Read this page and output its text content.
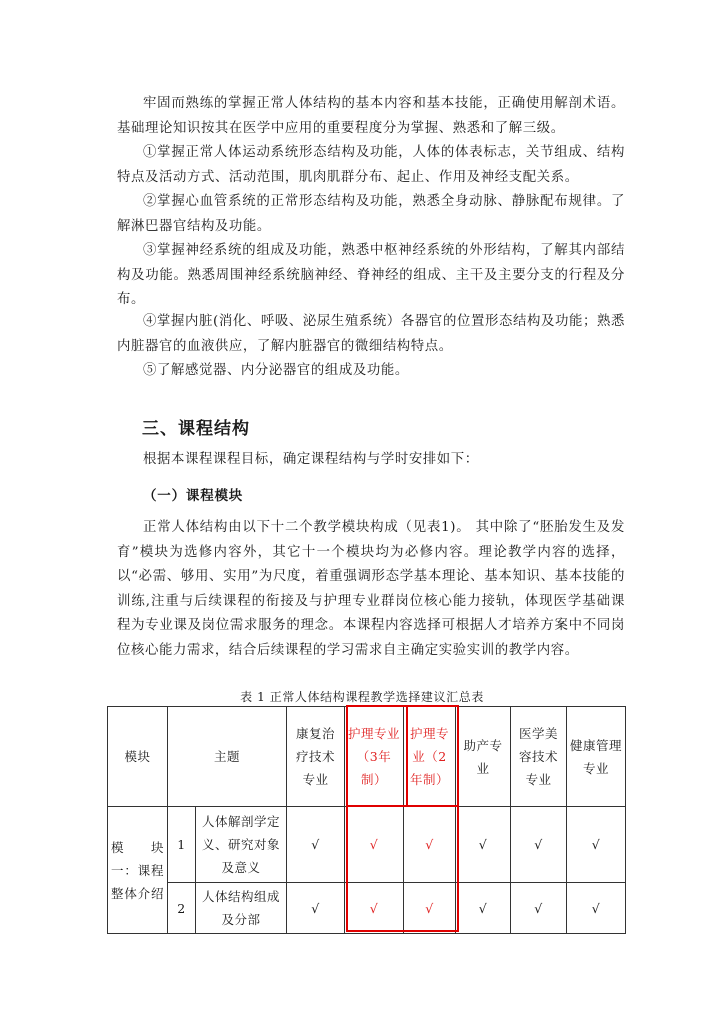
牢固而熟练的掌握正常人体结构的基本内容和基本技能，正确使用解剖术语。基础理论知识按其在医学中应用的重要程度分为掌握、熟悉和了解三级。

①掌握正常人体运动系统形态结构及功能，人体的体表标志，关节组成、结构特点及活动方式、活动范围，肌肉肌群分布、起止、作用及神经支配关系。

②掌握心血管系统的正常形态结构及功能，熟悉全身动脉、静脉配布规律。了解淋巴器官结构及功能。

③掌握神经系统的组成及功能，熟悉中枢神经系统的外形结构，了解其内部结构及功能。熟悉周围神经系统脑神经、脊神经的组成、主干及主要分支的行程及分布。

④掌握内脏(消化、呼吸、泌尿生殖系统）各器官的位置形态结构及功能；熟悉内脏器官的血液供应，了解内脏器官的微细结构特点。

⑤了解感觉器、内分泌器官的组成及功能。

三、课程结构

根据本课程课程目标，确定课程结构与学时安排如下：

（一）课程模块

正常人体结构由以下十二个教学模块构成（见表1)。 其中除了“胚胎发生及发育”模块为选修内容外，其它十一个模块均为必修内容。理论教学内容的选择，以“必需、够用、实用”为尺度，着重强调形态学基本理论、基本知识、基本技能的训练,注重与后续课程的衔接及与护理专业群岗位核心能力接轨，体现医学基础课程为专业课及岗位需求服务的理念。本课程内容选择可根据人才培养方案中不同岗位核心能力需求，结合后续课程的学习需求自主确定实验实训的教学内容。

表 1 正常人体结构课程教学选择建议汇总表

模块	主题		康复治疗技术专业	护理专业（3年制）	护理专业（2年制）	助产专业	医学美容技术专业	健康管理专业
模　块一：课程整体介绍	1	人体解剖学定义、研究对象及意义	√	√	√	√	√	√
	2	人体结构组成及分部	√	√	√	√	√	√
